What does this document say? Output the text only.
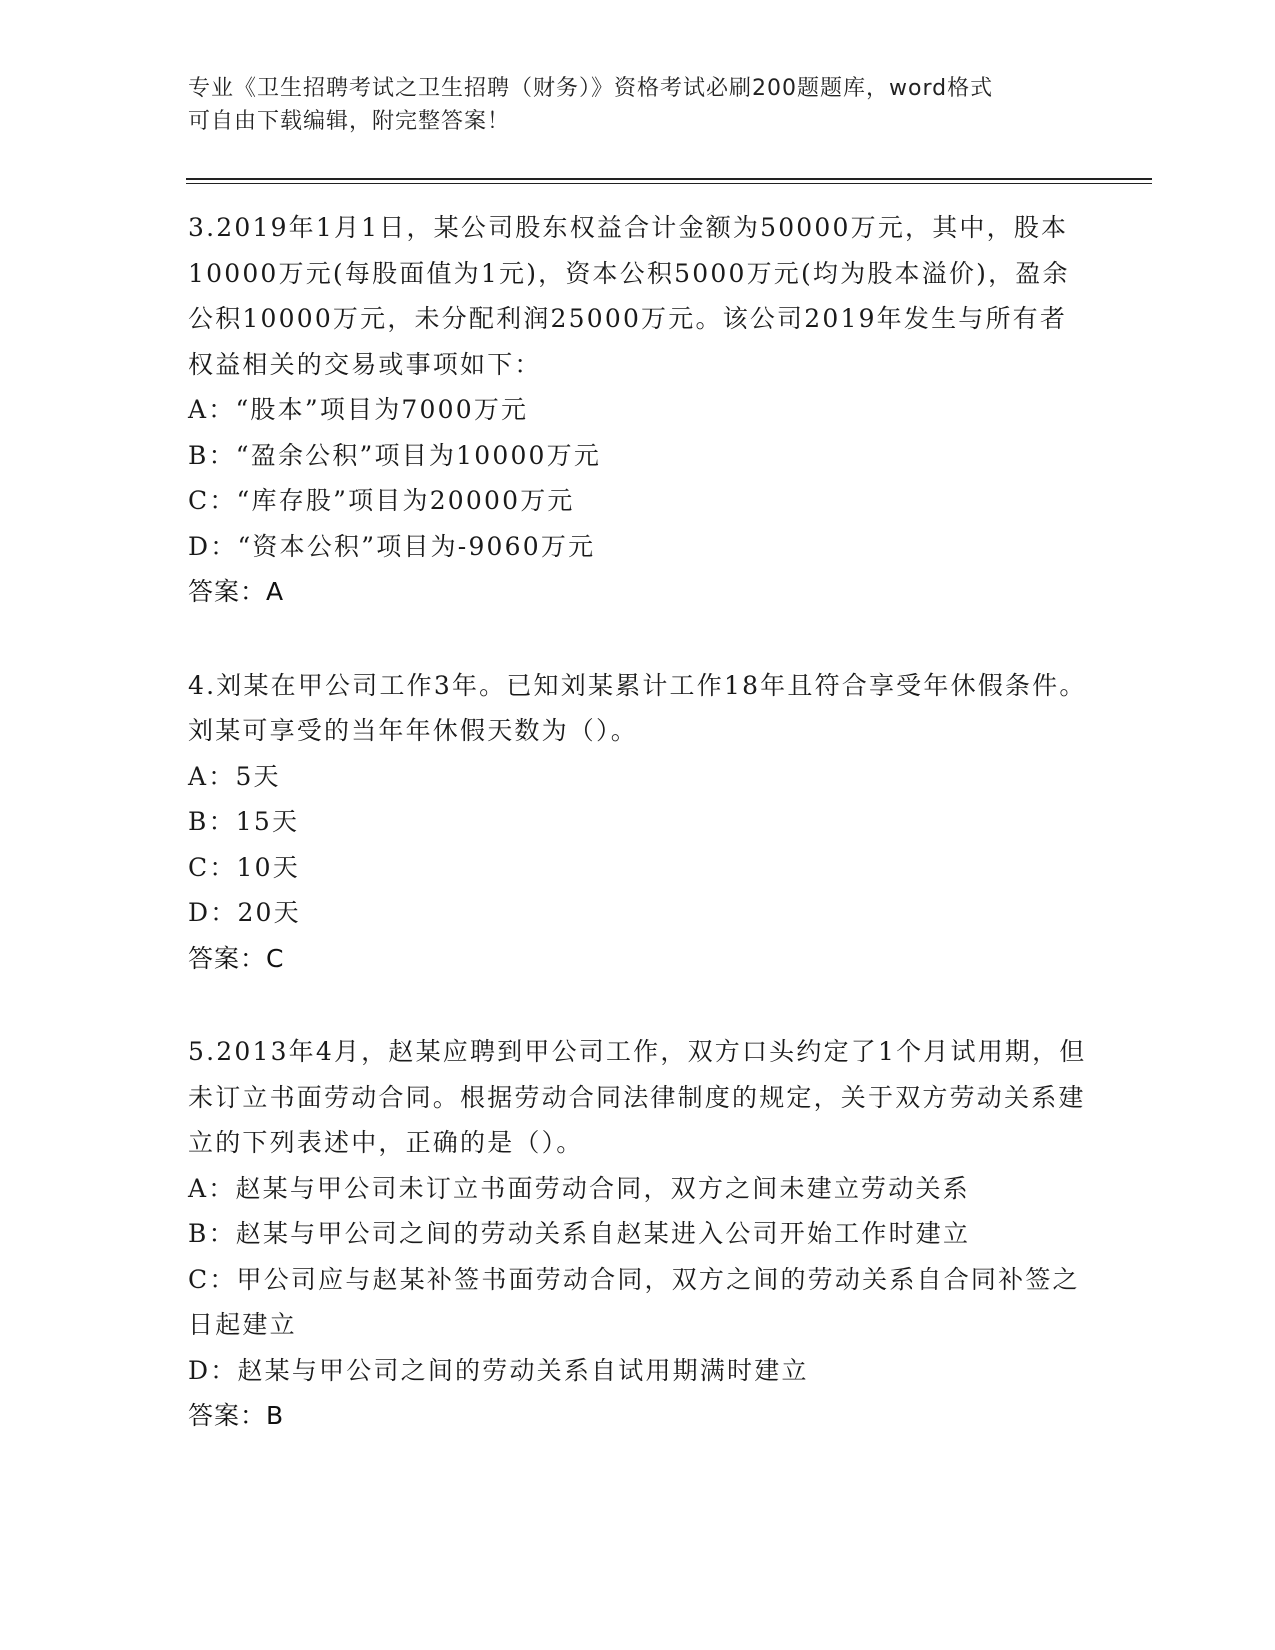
专业《卫生招聘考试之卫生招聘（财务）》资格考试必刷200题题库，word格式
可自由下载编辑，附完整答案！
3.2019年1月1日，某公司股东权益合计金额为50000万元，其中，股本10000万元(每股面值为1元)，资本公积5000万元(均为股本溢价)，盈余公积10000万元，未分配利润25000万元。该公司2019年发生与所有者权益相关的交易或事项如下：
A：“股本”项目为7000万元
B：“盈余公积”项目为10000万元
C：“库存股”项目为20000万元
D：“资本公积”项目为-9060万元
答案：A
4.刘某在甲公司工作3年。已知刘某累计工作18年且符合享受年休假条件。刘某可享受的当年年休假天数为（）。
A：5天
B：15天
C：10天
D：20天
答案：C
5.2013年4月，赵某应聘到甲公司工作，双方口头约定了1个月试用期，但未订立书面劳动合同。根据劳动合同法律制度的规定，关于双方劳动关系建立的下列表述中，正确的是（）。
A：赵某与甲公司未订立书面劳动合同，双方之间未建立劳动关系
B：赵某与甲公司之间的劳动关系自赵某进入公司开始工作时建立
C：甲公司应与赵某补签书面劳动合同，双方之间的劳动关系自合同补签之日起建立
D：赵某与甲公司之间的劳动关系自试用期满时建立
答案：B
